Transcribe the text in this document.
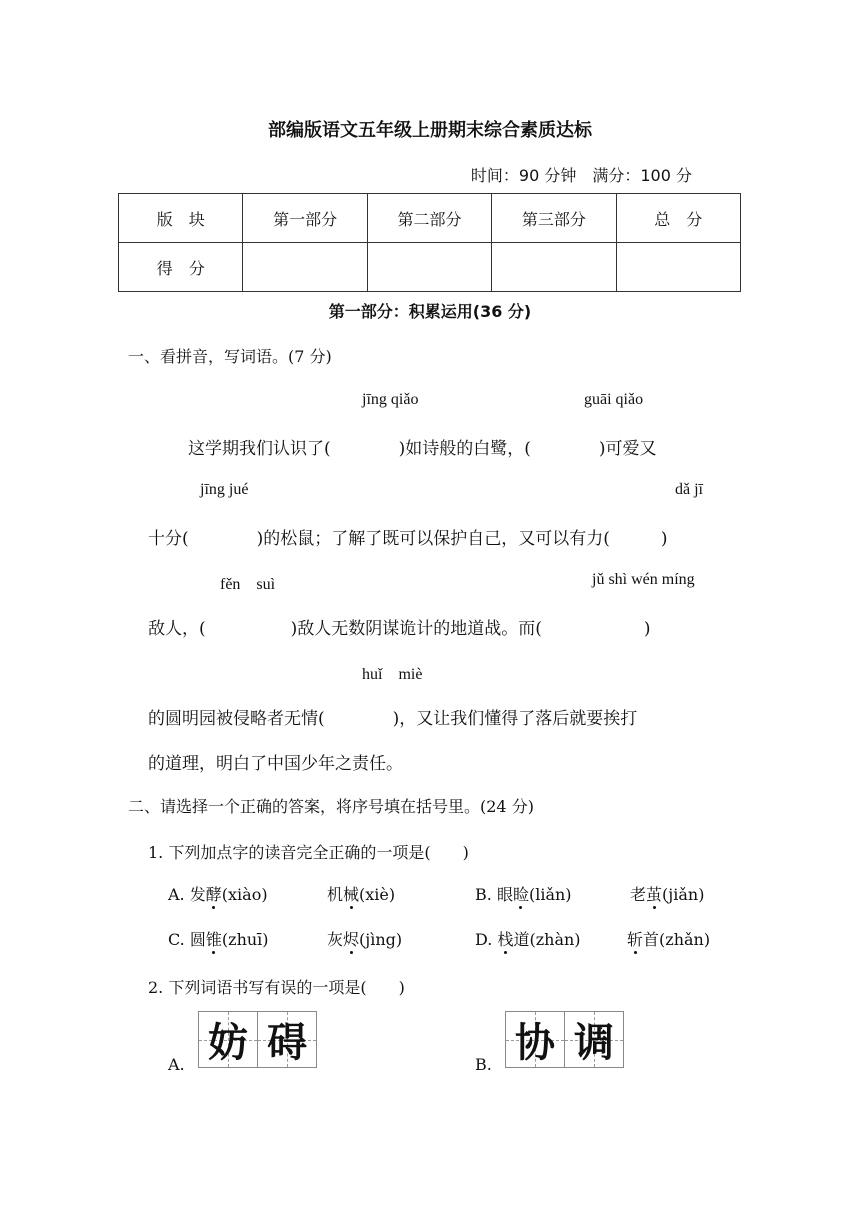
部编版语文五年级上册期末综合素质达标
时间：90 分钟　满分：100 分
版　块	第一部分	第二部分	第三部分	总　分
得　分				
第一部分：积累运用(36 分)
一、看拼音，写词语。(7 分)
jīng qiǎo	guāi qiǎo
这学期我们认识了(　　　　)如诗般的白鹭，(　　　　)可爱又
jīng jué	dǎ jī
十分(　　　　)的松鼠；了解了既可以保护自己，又可以有力(　　　)
fěn　suì	jǔ shì wén míng
敌人，(　　　　　)敌人无数阴谋诡计的地道战。而(　　　　　　)
huǐ　miè
的圆明园被侵略者无情(　　　　)，又让我们懂得了落后就要挨打
的道理，明白了中国少年之责任。
二、请选择一个正确的答案，将序号填在括号里。(24 分)
1. 下列加点字的读音完全正确的一项是(　　)
A. 发酵(xiào)	机械(xiè)	B. 眼睑(liǎn)	老茧(jiǎn)
C. 圆锥(zhuī)	灰烬(jìng)	D. 栈道(zhàn)	斩首(zhǎn)
2. 下列词语书写有误的一项是(　　)
A. 妨 碍	B. 协 调
